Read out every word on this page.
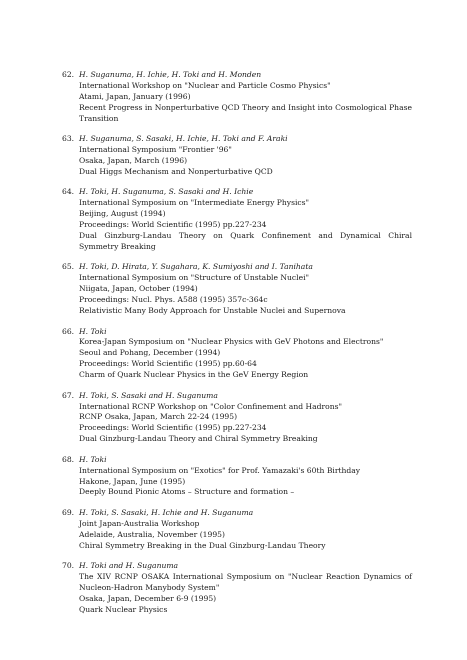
62. H. Suganuma, H. Ichie, H. Toki and H. Monden
International Workshop on "Nuclear and Particle Cosmo Physics"
Atami, Japan, January (1996)
Recent Progress in Nonperturbative QCD Theory and Insight into Cosmological Phase Transition
63. H. Suganuma, S. Sasaki, H. Ichie, H. Toki and F. Araki
International Symposium "Frontier '96"
Osaka, Japan, March (1996)
Dual Higgs Mechanism and Nonperturbative QCD
64. H. Toki, H. Suganuma, S. Sasaki and H. Ichie
International Symposium on "Intermediate Energy Physics"
Beijing, August (1994)
Proceedings: World Scientific (1995) pp.227-234
Dual Ginzburg-Landau Theory on Quark Confinement and Dynamical Chiral Symmetry Breaking
65. H. Toki, D. Hirata, Y. Sugahara, K. Sumiyoshi and I. Tanihata
International Symposium on "Structure of Unstable Nuclei"
Niigata, Japan, October (1994)
Proceedings: Nucl. Phys. A588 (1995) 357c-364c
Relativistic Many Body Approach for Unstable Nuclei and Supernova
66. H. Toki
Korea-Japan Symposium on "Nuclear Physics with GeV Photons and Electrons"
Seoul and Pohang, December (1994)
Proceedings: World Scientific (1995) pp.60-64
Charm of Quark Nuclear Physics in the GeV Energy Region
67. H. Toki, S. Sasaki and H. Suganuma
International RCNP Workshop on "Color Confinement and Hadrons"
RCNP Osaka, Japan, March 22-24 (1995)
Proceedings: World Scientific (1995) pp.227-234
Dual Ginzburg-Landau Theory and Chiral Symmetry Breaking
68. H. Toki
International Symposium on "Exotics" for Prof. Yamazaki's 60th Birthday
Hakone, Japan, June (1995)
Deeply Bound Pionic Atoms – Structure and formation –
69. H. Toki, S. Sasaki, H. Ichie and H. Suganuma
Joint Japan-Australia Workshop
Adelaide, Australia, November (1995)
Chiral Symmetry Breaking in the Dual Ginzburg-Landau Theory
70. H. Toki and H. Suganuma
The XIV RCNP OSAKA International Symposium on "Nuclear Reaction Dynamics of Nucleon-Hadron Manybody System"
Osaka, Japan, December 6-9 (1995)
Quark Nuclear Physics
